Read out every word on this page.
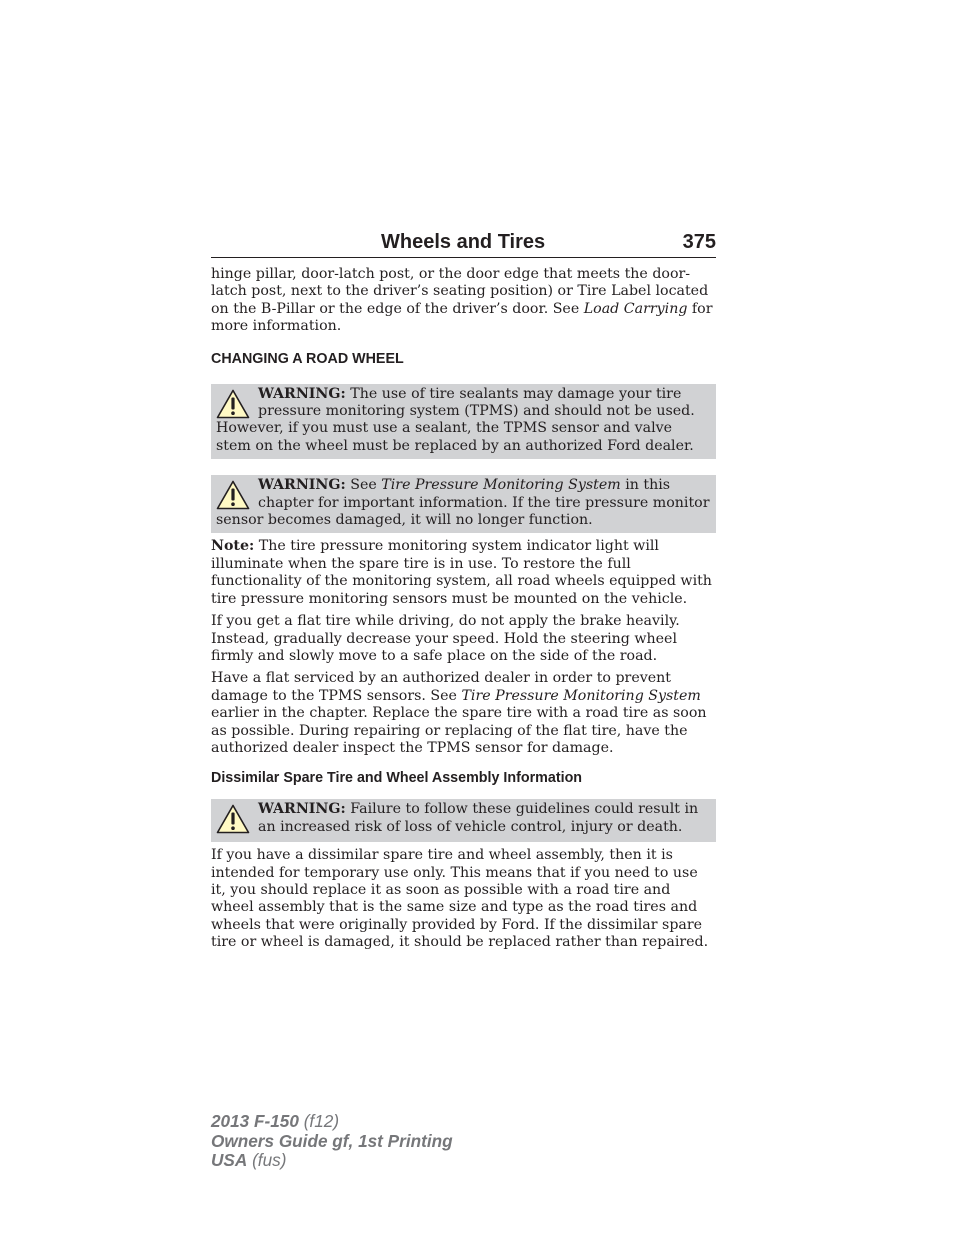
Wheels and Tires	375

hinge pillar, door-latch post, or the door edge that meets the door-latch post, next to the driver’s seating position) or Tire Label located on the B-Pillar or the edge of the driver’s door. See Load Carrying for more information.

CHANGING A ROAD WHEEL

WARNING: The use of tire sealants may damage your tire pressure monitoring system (TPMS) and should not be used. However, if you must use a sealant, the TPMS sensor and valve stem on the wheel must be replaced by an authorized Ford dealer.

WARNING: See Tire Pressure Monitoring System in this chapter for important information. If the tire pressure monitor sensor becomes damaged, it will no longer function.

Note: The tire pressure monitoring system indicator light will illuminate when the spare tire is in use. To restore the full functionality of the monitoring system, all road wheels equipped with tire pressure monitoring sensors must be mounted on the vehicle.

If you get a flat tire while driving, do not apply the brake heavily. Instead, gradually decrease your speed. Hold the steering wheel firmly and slowly move to a safe place on the side of the road.

Have a flat serviced by an authorized dealer in order to prevent damage to the TPMS sensors. See Tire Pressure Monitoring System earlier in the chapter. Replace the spare tire with a road tire as soon as possible. During repairing or replacing of the flat tire, have the authorized dealer inspect the TPMS sensor for damage.

Dissimilar Spare Tire and Wheel Assembly Information

WARNING: Failure to follow these guidelines could result in an increased risk of loss of vehicle control, injury or death.

If you have a dissimilar spare tire and wheel assembly, then it is intended for temporary use only. This means that if you need to use it, you should replace it as soon as possible with a road tire and wheel assembly that is the same size and type as the road tires and wheels that were originally provided by Ford. If the dissimilar spare tire or wheel is damaged, it should be replaced rather than repaired.

2013 F-150 (f12)
Owners Guide gf, 1st Printing
USA (fus)
